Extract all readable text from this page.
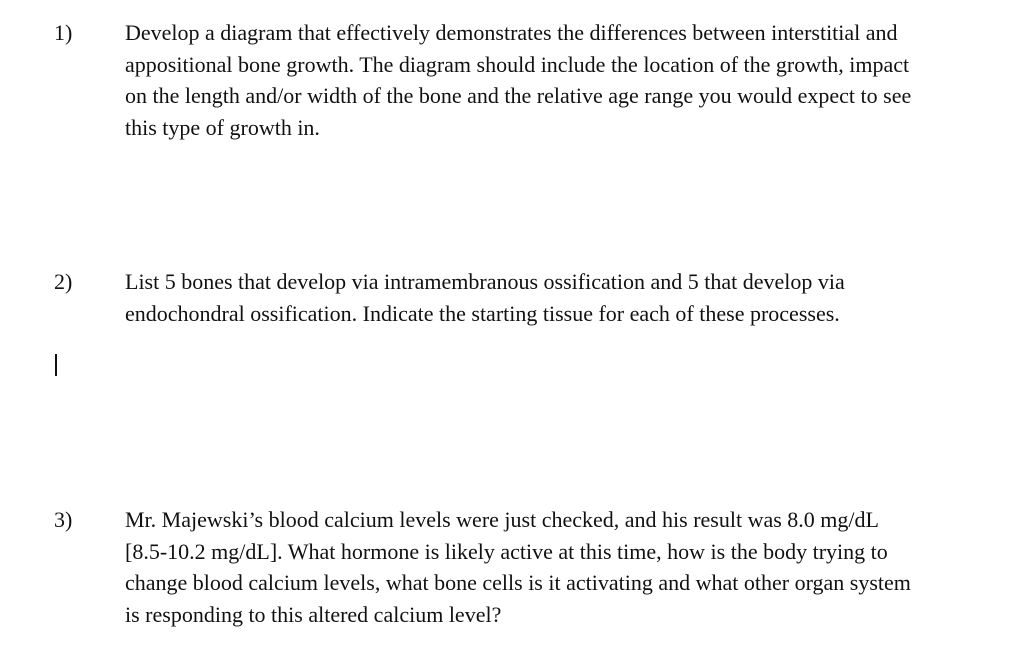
1) Develop a diagram that effectively demonstrates the differences between interstitial and
appositional bone growth. The diagram should include the location of the growth, impact
on the length and/or width of the bone and the relative age range you would expect to see
this type of growth in.

2) List 5 bones that develop via intramembranous ossification and 5 that develop via
endochondral ossification. Indicate the starting tissue for each of these processes.

3) Mr. Majewski’s blood calcium levels were just checked, and his result was 8.0 mg/dL
[8.5-10.2 mg/dL]. What hormone is likely active at this time, how is the body trying to
change blood calcium levels, what bone cells is it activating and what other organ system
is responding to this altered calcium level?
